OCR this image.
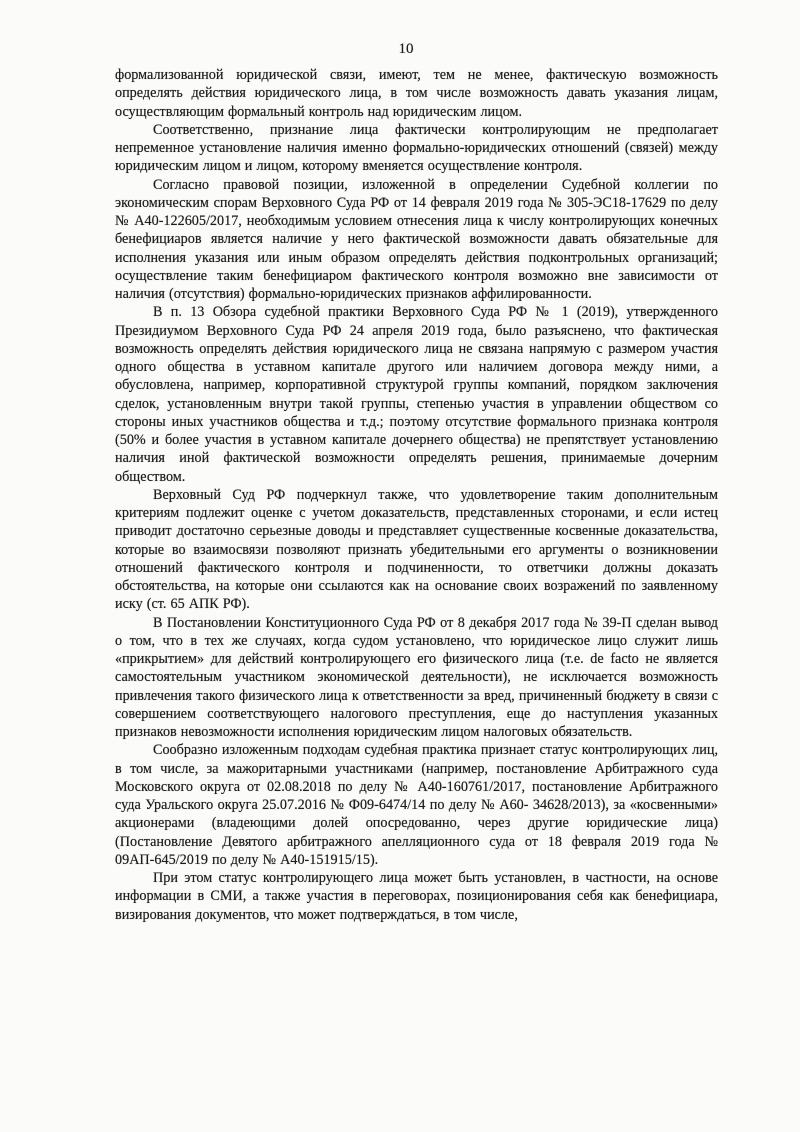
10

формализованной юридической связи, имеют, тем не менее, фактическую возможность определять действия юридического лица, в том числе возможность давать указания лицам, осуществляющим формальный контроль над юридическим лицом.

Соответственно, признание лица фактически контролирующим не предполагает непременное установление наличия именно формально-юридических отношений (связей) между юридическим лицом и лицом, которому вменяется осуществление контроля.

Согласно правовой позиции, изложенной в определении Судебной коллегии по экономическим спорам Верховного Суда РФ от 14 февраля 2019 года № 305-ЭС18-17629 по делу № А40-122605/2017, необходимым условием отнесения лица к числу контролирующих конечных бенефициаров является наличие у него фактической возможности давать обязательные для исполнения указания или иным образом определять действия подконтрольных организаций; осуществление таким бенефициаром фактического контроля возможно вне зависимости от наличия (отсутствия) формально-юридических признаков аффилированности.

В п. 13 Обзора судебной практики Верховного Суда РФ № 1 (2019), утвержденного Президиумом Верховного Суда РФ 24 апреля 2019 года, было разъяснено, что фактическая возможность определять действия юридического лица не связана напрямую с размером участия одного общества в уставном капитале другого или наличием договора между ними, а обусловлена, например, корпоративной структурой группы компаний, порядком заключения сделок, установленным внутри такой группы, степенью участия в управлении обществом со стороны иных участников общества и т.д.; поэтому отсутствие формального признака контроля (50% и более участия в уставном капитале дочернего общества) не препятствует установлению наличия иной фактической возможности определять решения, принимаемые дочерним обществом.

Верховный Суд РФ подчеркнул также, что удовлетворение таким дополнительным критериям подлежит оценке с учетом доказательств, представленных сторонами, и если истец приводит достаточно серьезные доводы и представляет существенные косвенные доказательства, которые во взаимосвязи позволяют признать убедительными его аргументы о возникновении отношений фактического контроля и подчиненности, то ответчики должны доказать обстоятельства, на которые они ссылаются как на основание своих возражений по заявленному иску (ст. 65 АПК РФ).

В Постановлении Конституционного Суда РФ от 8 декабря 2017 года № 39-П сделан вывод о том, что в тех же случаях, когда судом установлено, что юридическое лицо служит лишь «прикрытием» для действий контролирующего его физического лица (т.е. de facto не является самостоятельным участником экономической деятельности), не исключается возможность привлечения такого физического лица к ответственности за вред, причиненный бюджету в связи с совершением соответствующего налогового преступления, еще до наступления указанных признаков невозможности исполнения юридическим лицом налоговых обязательств.

Сообразно изложенным подходам судебная практика признает статус контролирующих лиц, в том числе, за мажоритарными участниками (например, постановление Арбитражного суда Московского округа от 02.08.2018 по делу № А40-160761/2017, постановление Арбитражного суда Уральского округа 25.07.2016 № Ф09-6474/14 по делу № А60- 34628/2013), за «косвенными» акционерами (владеющими долей опосредованно, через другие юридические лица) (Постановление Девятого арбитражного апелляционного суда от 18 февраля 2019 года № 09АП-645/2019 по делу № А40-151915/15).

При этом статус контролирующего лица может быть установлен, в частности, на основе информации в СМИ, а также участия в переговорах, позиционирования себя как бенефициара, визирования документов, что может подтверждаться, в том числе,
